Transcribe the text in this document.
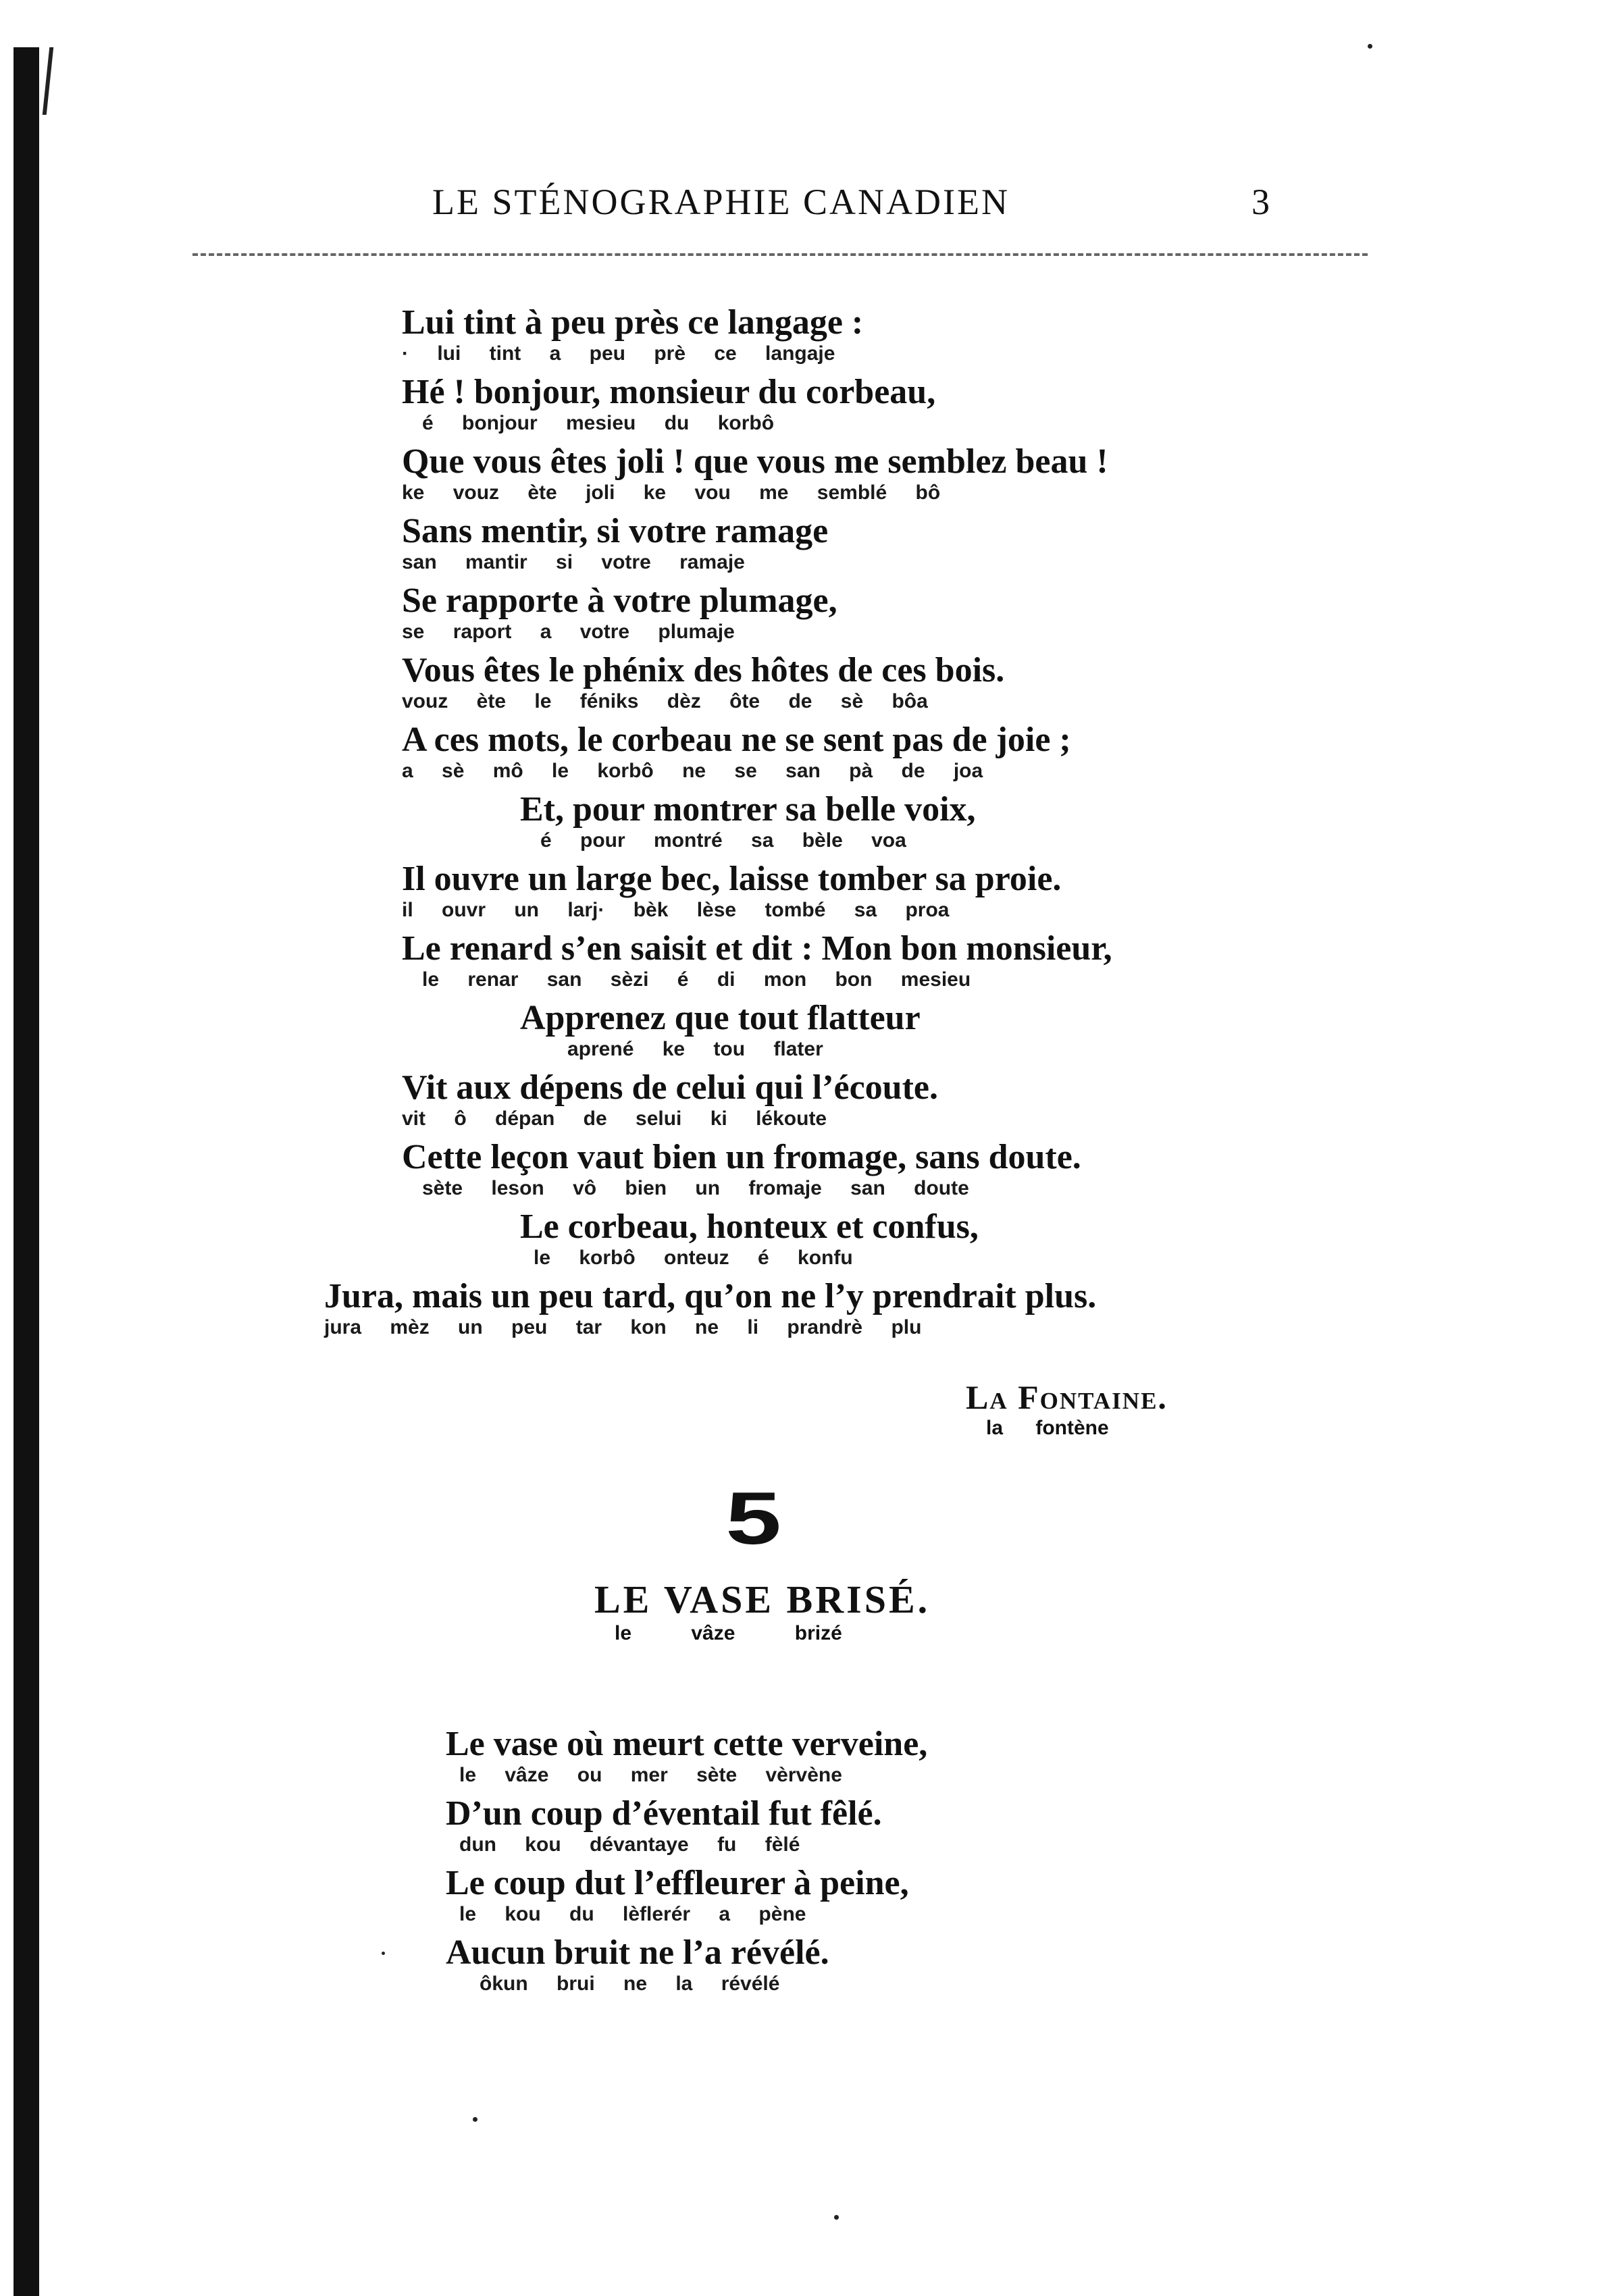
LE STÉNOGRAPHIE CANADIEN	3
Lui tint à peu près ce langage :
· lui tint a peu prè ce langaje
Hé ! bonjour, monsieur du corbeau,
é bonjour mesieu du korbô
Que vous êtes joli ! que vous me semblez beau !
ke vouz ète joli ke vou me semblé bô
Sans mentir, si votre ramage
san mantir si votre ramaje
Se rapporte à votre plumage,
se raport a votre plumaje
Vous êtes le phénix des hôtes de ces bois.
vouz ète le féniks dèz ôte de sè bôa
A ces mots, le corbeau ne se sent pas de joie ;
a sè mô le korbô ne se san pà de joa
Et, pour montrer sa belle voix,
é pour montré sa bèle voa
Il ouvre un large bec, laisse tomber sa proie.
il ouvr un larj· bèk lèse tombé sa proa
Le renard s’en saisit et dit : Mon bon monsieur,
le renar san sèzi é di mon bon mesieu
Apprenez que tout flatteur
aprené ke tou flater
Vit aux dépens de celui qui l’écoute.
vit ô dépan de selui ki lékoute
Cette leçon vaut bien un fromage, sans doute.
sète leson vô bien un fromaje san doute
Le corbeau, honteux et confus,
le korbô onteuz é konfu
Jura, mais un peu tard, qu’on ne l’y prendrait plus.
jura mèz un peu tar kon ne li prandrè plu
La Fontaine.
la fontène
5
LE VASE BRISÉ.
le vâze brizé
Le vase où meurt cette verveine,
le vâze ou mer sète vèrvène
D’un coup d’éventail fut fêlé.
dun kou dévantaye fu fèlé
Le coup dut l’effleurer à peine,
le kou du lèflerér a pène
Aucun bruit ne l’a révélé.
ôkun brui ne la révélé
